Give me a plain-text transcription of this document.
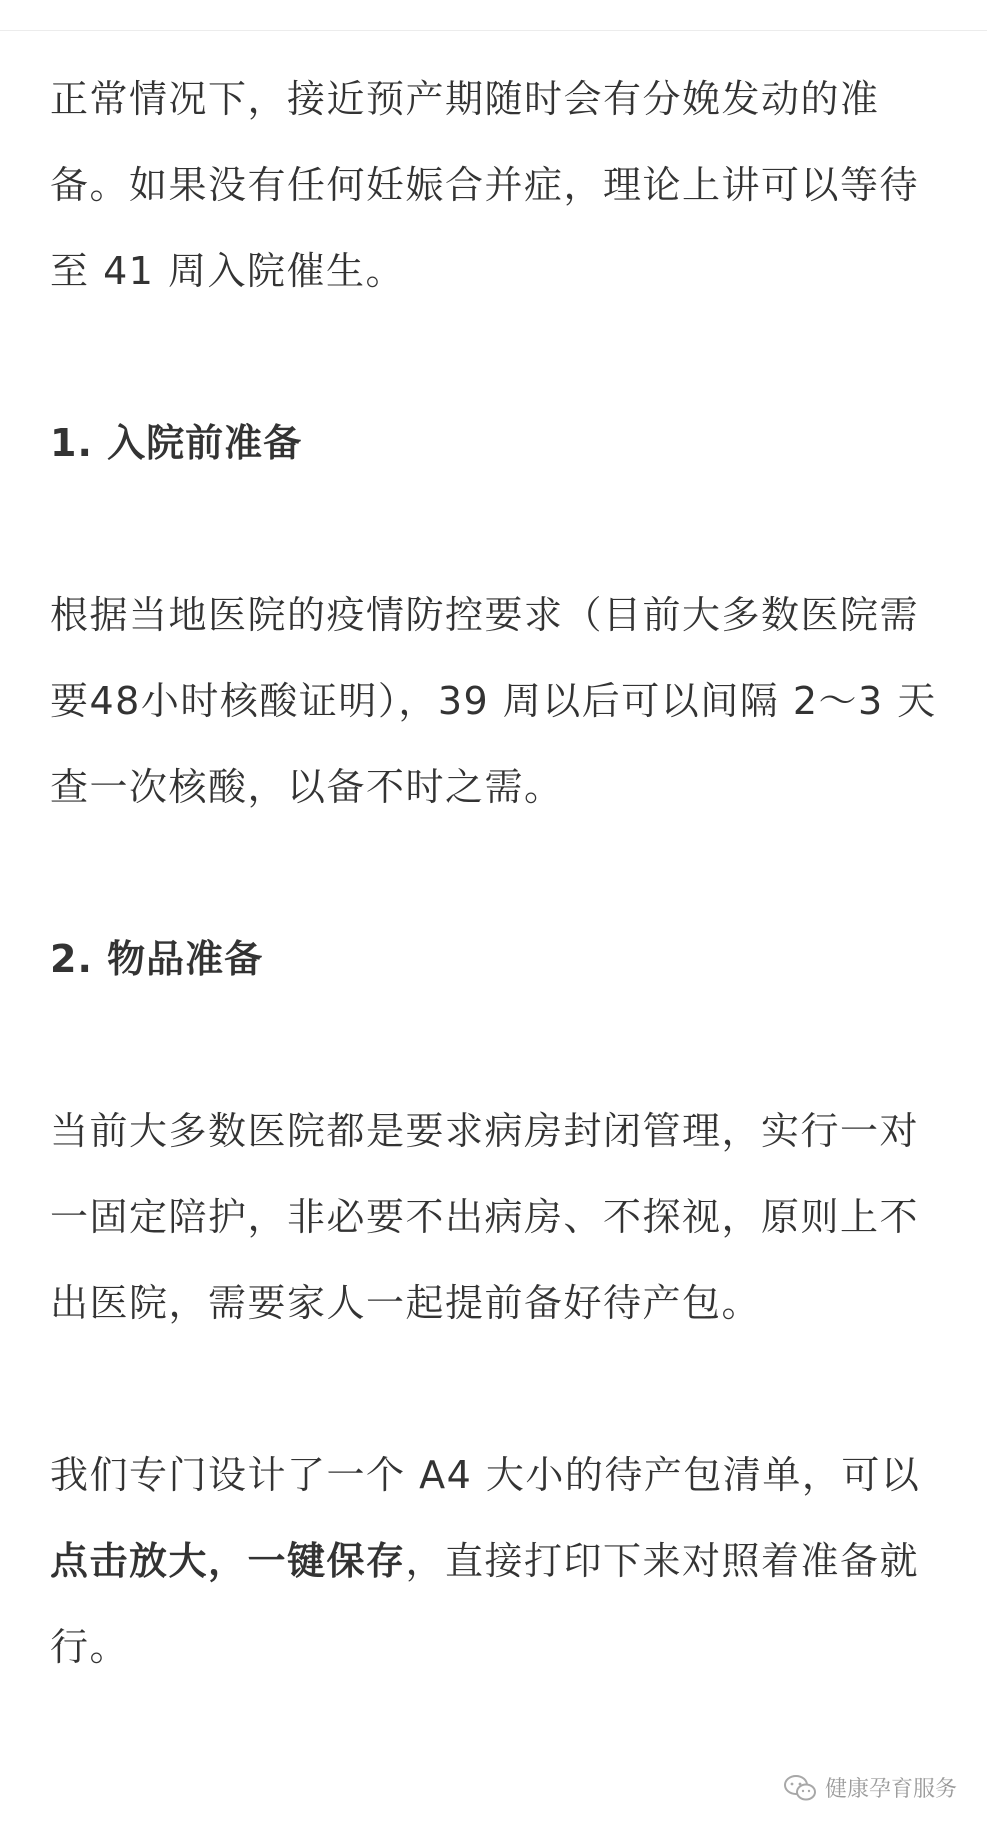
正常情况下，接近预产期随时会有分娩发动的准备。如果没有任何妊娠合并症，理论上讲可以等待至 41 周入院催生。

1. 入院前准备

根据当地医院的疫情防控要求（目前大多数医院需要48小时核酸证明），39 周以后可以间隔 2～3 天查一次核酸，以备不时之需。

2. 物品准备

当前大多数医院都是要求病房封闭管理，实行一对一固定陪护，非必要不出病房、不探视，原则上不出医院，需要家人一起提前备好待产包。

我们专门设计了一个 A4 大小的待产包清单，可以点击放大，一键保存，直接打印下来对照着准备就行。

健康孕育服务
